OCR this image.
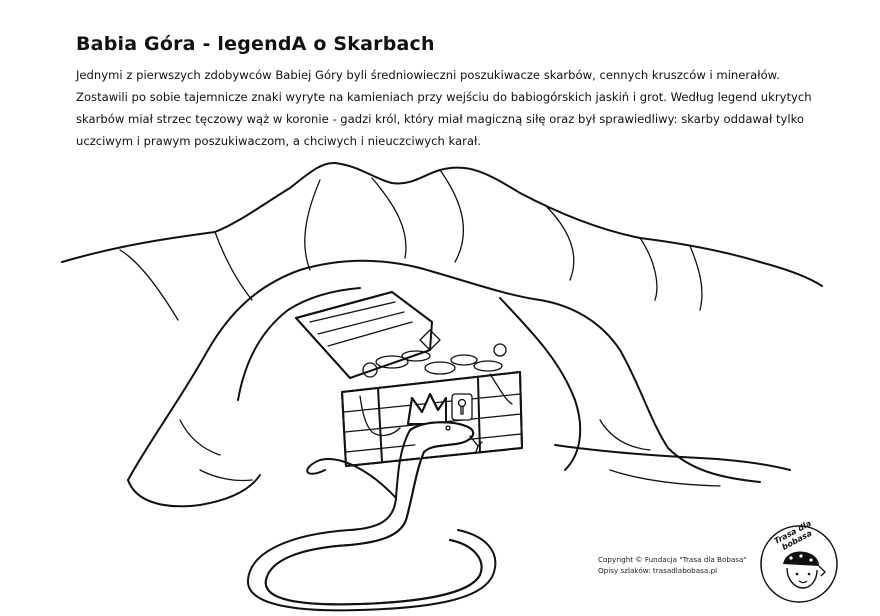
Babia Góra - legendA o Skarbach

Jednymi z pierwszych zdobywców Babiej Góry byli średniowieczni poszukiwacze skarbów, cennych kruszców i minerałów. Zostawili po sobie tajemnicze znaki wyryte na kamieniach przy wejściu do babiogórskich jaskiń i grot. Według legend ukrytych skarbów miał strzec tęczowy wąż w koronie - gadzi król, który miał magiczną siłę oraz był sprawiedliwy: skarby oddawał tylko uczciwym i prawym poszukiwaczom, a chciwych i nieuczciwych karał.

Copyright © Fundacja "Trasa dla Bobasa"
Opisy szlaków: trasadlabobasa.pl
Trasa dla bobasa
